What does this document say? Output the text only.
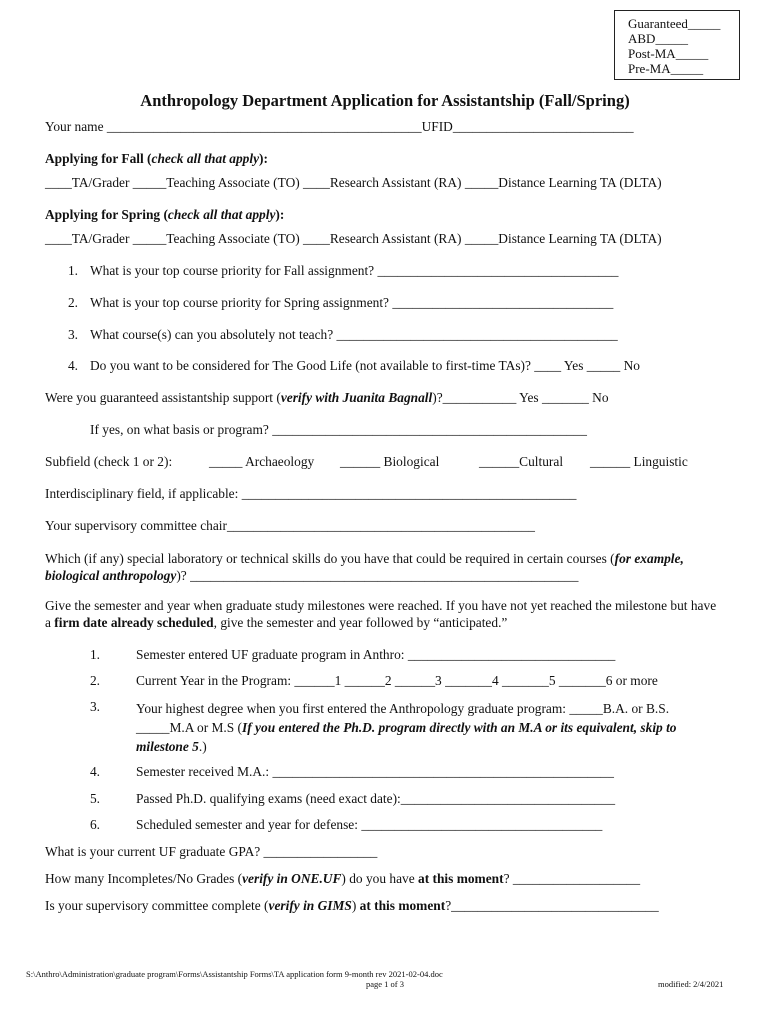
Guaranteed_____
ABD_____
Post-MA_____
Pre-MA_____
Anthropology Department Application for Assistantship (Fall/Spring)
Your name _______________________________________________UFID___________________________
Applying for Fall (check all that apply):
____TA/Grader _____Teaching Associate (TO) ____Research Assistant (RA) _____Distance Learning TA (DLTA)
Applying for Spring (check all that apply):
____TA/Grader _____Teaching Associate (TO) ____Research Assistant (RA) _____Distance Learning TA (DLTA)
1. What is your top course priority for Fall assignment? ____________________________________
2. What is your top course priority for Spring assignment? _________________________________
3. What course(s) can you absolutely not teach? __________________________________________
4. Do you want to be considered for The Good Life (not available to first-time TAs)? ____ Yes _____ No
Were you guaranteed assistantship support (verify with Juanita Bagnall)?___________ Yes _______ No
If yes, on what basis or program? _______________________________________________
Subfield (check 1 or 2):	_____ Archaeology ______ Biological	______Cultural ______ Linguistic
Interdisciplinary field, if applicable: __________________________________________________
Your supervisory committee chair______________________________________________
Which (if any) special laboratory or technical skills do you have that could be required in certain courses (for example, biological anthropology)? __________________________________________________________
Give the semester and year when graduate study milestones were reached. If you have not yet reached the milestone but have a firm date already scheduled, give the semester and year followed by “anticipated.”
1.	Semester entered UF graduate program in Anthro: _______________________________
2.	Current Year in the Program: ______1 ______2 ______3 _______4 _______5 _______6 or more
3.	Your highest degree when you first entered the Anthropology graduate program: _____B.A. or B.S. _____M.A or M.S (If you entered the Ph.D. program directly with an M.A or its equivalent, skip to milestone 5.)
4.	Semester received M.A.: ___________________________________________________
5.	Passed Ph.D. qualifying exams (need exact date):________________________________
6.	Scheduled semester and year for defense: ____________________________________
What is your current UF graduate GPA? _________________
How many Incompletes/No Grades (verify in ONE.UF) do you have at this moment? ___________________
Is your supervisory committee complete (verify in GIMS) at this moment?_______________________________
S:\Anthro\Administration\graduate program\Forms\Assistantship Forms\TA application form 9-month rev 2021-02-04.doc
page 1 of 3	modified: 2/4/2021
